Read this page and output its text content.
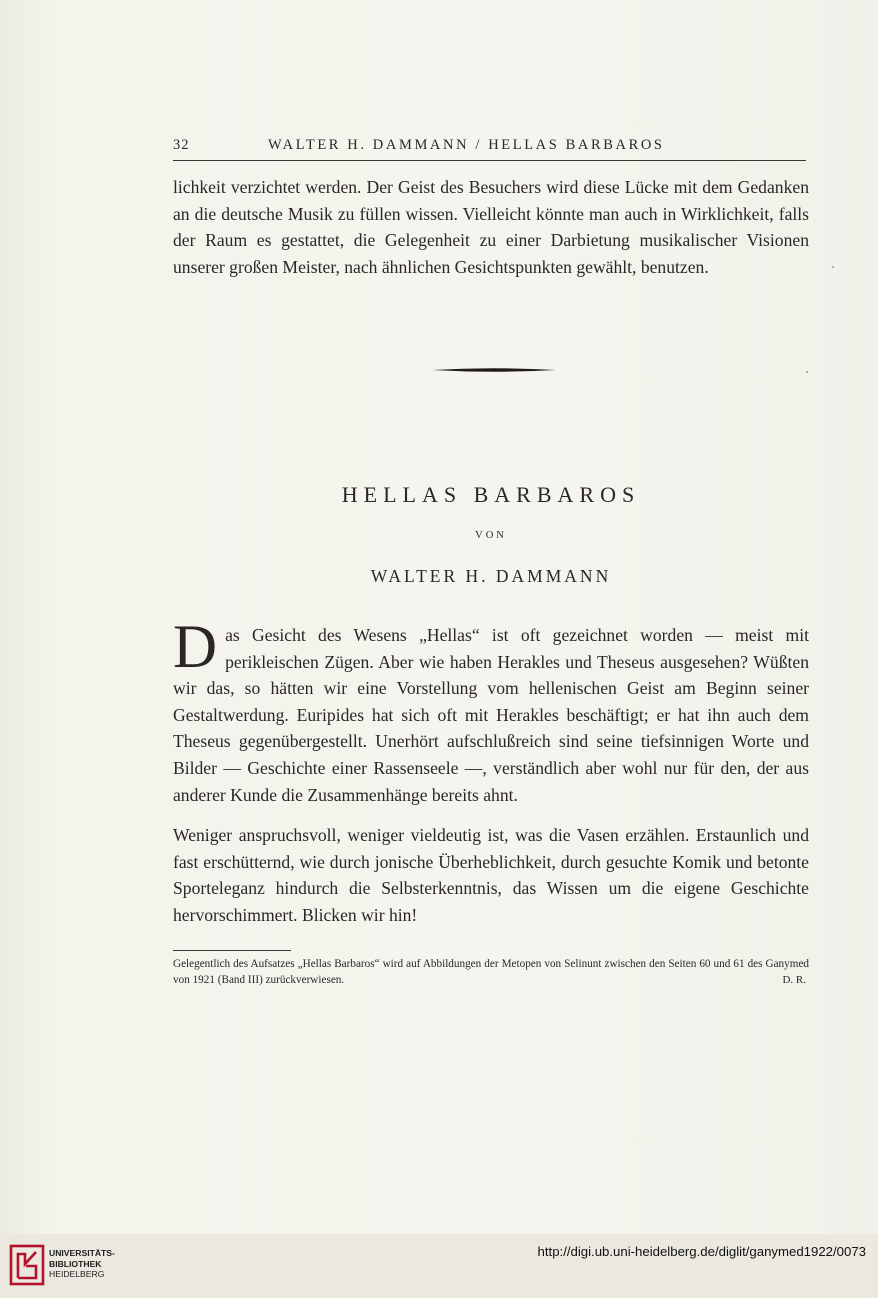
32	WALTER H. DAMMANN / HELLAS BARBAROS

lichkeit verzichtet werden. Der Geist des Besuchers wird diese Lücke mit dem Gedanken an die deutsche Musik zu füllen wissen. Vielleicht könnte man auch in Wirklichkeit, falls der Raum es gestattet, die Gelegenheit zu einer Darbietung musikalischer Visionen unserer großen Meister, nach ähnlichen Gesichtspunkten gewählt, benutzen.

HELLAS BARBAROS
VON
WALTER H. DAMMANN

Das Gesicht des Wesens „Hellas“ ist oft gezeichnet worden — meist mit perikleischen Zügen. Aber wie haben Herakles und Theseus ausgesehen? Wüßten wir das, so hätten wir eine Vorstellung vom hellenischen Geist am Beginn seiner Gestaltwerdung. Euripides hat sich oft mit Herakles beschäftigt; er hat ihn auch dem Theseus gegenübergestellt. Unerhört aufschlußreich sind seine tiefsinnigen Worte und Bilder — Geschichte einer Rassenseele —, verständlich aber wohl nur für den, der aus anderer Kunde die Zusammenhänge bereits ahnt.

Weniger anspruchsvoll, weniger vieldeutig ist, was die Vasen erzählen. Erstaunlich und fast erschütternd, wie durch jonische Überheblichkeit, durch gesuchte Komik und betonte Sporteleganz hindurch die Selbsterkenntnis, das Wissen um die eigene Geschichte hervorschimmert. Blicken wir hin!

Gelegentlich des Aufsatzes „Hellas Barbaros“ wird auf Abbildungen der Metopen von Selinunt zwischen den Seiten 60 und 61 des Ganymed von 1921 (Band III) zurückverwiesen.	D. R.

UNIVERSITÄTS-
BIBLIOTHEK
HEIDELBERG
http://digi.ub.uni-heidelberg.de/diglit/ganymed1922/0073
